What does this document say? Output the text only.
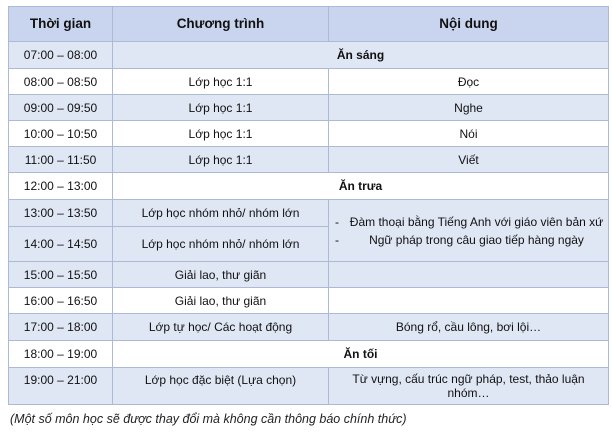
Thời gian	Chương trình	Nội dung
07:00 – 08:00	Ăn sáng	
08:00 – 08:50	Lớp học 1:1	Đọc
09:00 – 09:50	Lớp học 1:1	Nghe
10:00 – 10:50	Lớp học 1:1	Nói
11:00 – 11:50	Lớp học 1:1	Viết
12:00 – 13:00	Ăn trưa	
13:00 – 13:50	Lớp học nhóm nhỏ/ nhóm lớn	- Đàm thoại bằng Tiếng Anh với giáo viên bản xứ
- Ngữ pháp trong câu giao tiếp hàng ngày

14:00 – 14:50	Lớp học nhóm nhỏ/ nhóm lớn	
15:00 – 15:50	Giải lao, thư giãn	
16:00 – 16:50	Giải lao, thư giãn	
17:00 – 18:00	Lớp tự học/ Các hoạt động	Bóng rổ, cầu lông, bơi lội…
18:00 – 19:00	Ăn tối	
19:00 – 21:00	Lớp học đặc biệt (Lựa chọn)	Từ vựng, cấu trúc ngữ pháp, test, thảo luận nhóm…
(Một số môn học sẽ được thay đổi mà không cần thông báo chính thức)
